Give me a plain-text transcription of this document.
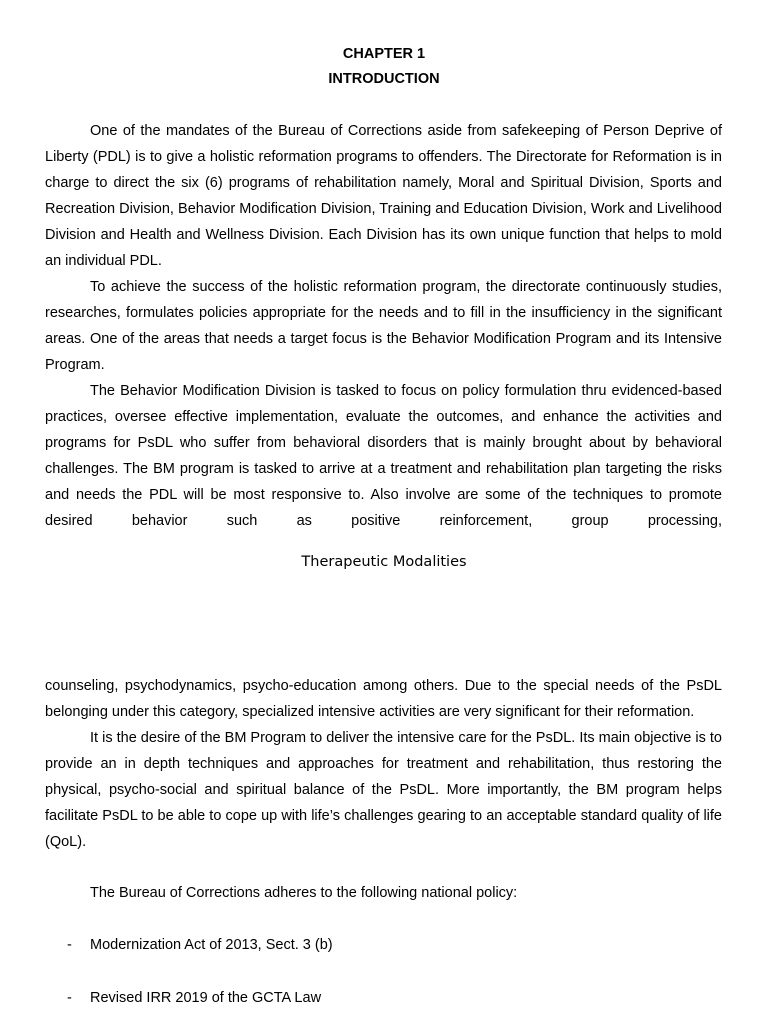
CHAPTER 1
INTRODUCTION

One of the mandates of the Bureau of Corrections aside from safekeeping of Person Deprive of Liberty (PDL) is to give a holistic reformation programs to offenders. The Directorate for Reformation is in charge to direct the six (6) programs of rehabilitation namely, Moral and Spiritual Division, Sports and Recreation Division, Behavior Modification Division, Training and Education Division, Work and Livelihood Division and Health and Wellness Division. Each Division has its own unique function that helps to mold an individual PDL.

To achieve the success of the holistic reformation program, the directorate continuously studies, researches, formulates policies appropriate for the needs and to fill in the insufficiency in the significant areas. One of the areas that needs a target focus is the Behavior Modification Program and its Intensive Program.

The Behavior Modification Division is tasked to focus on policy formulation thru evidenced-based practices, oversee effective implementation, evaluate the outcomes, and enhance the activities and programs for PsDL who suffer from behavioral disorders that is mainly brought about by behavioral challenges. The BM program is tasked to arrive at a treatment and rehabilitation plan targeting the risks and needs the PDL will be most responsive to. Also involve are some of the techniques to promote desired behavior such as positive reinforcement, group processing,

Therapeutic Modalities

counseling, psychodynamics, psycho-education among others. Due to the special needs of the PsDL belonging under this category, specialized intensive activities are very significant for their reformation.

It is the desire of the BM Program to deliver the intensive care for the PsDL. Its main objective is to provide an in depth techniques and approaches for treatment and rehabilitation, thus restoring the physical, psycho-social and spiritual balance of the PsDL. More importantly, the BM program helps facilitate PsDL to be able to cope up with life’s challenges gearing to an acceptable standard quality of life (QoL).

The Bureau of Corrections adheres to the following national policy:
- Modernization Act of 2013, Sect. 3 (b)
- Revised IRR 2019 of the GCTA Law
